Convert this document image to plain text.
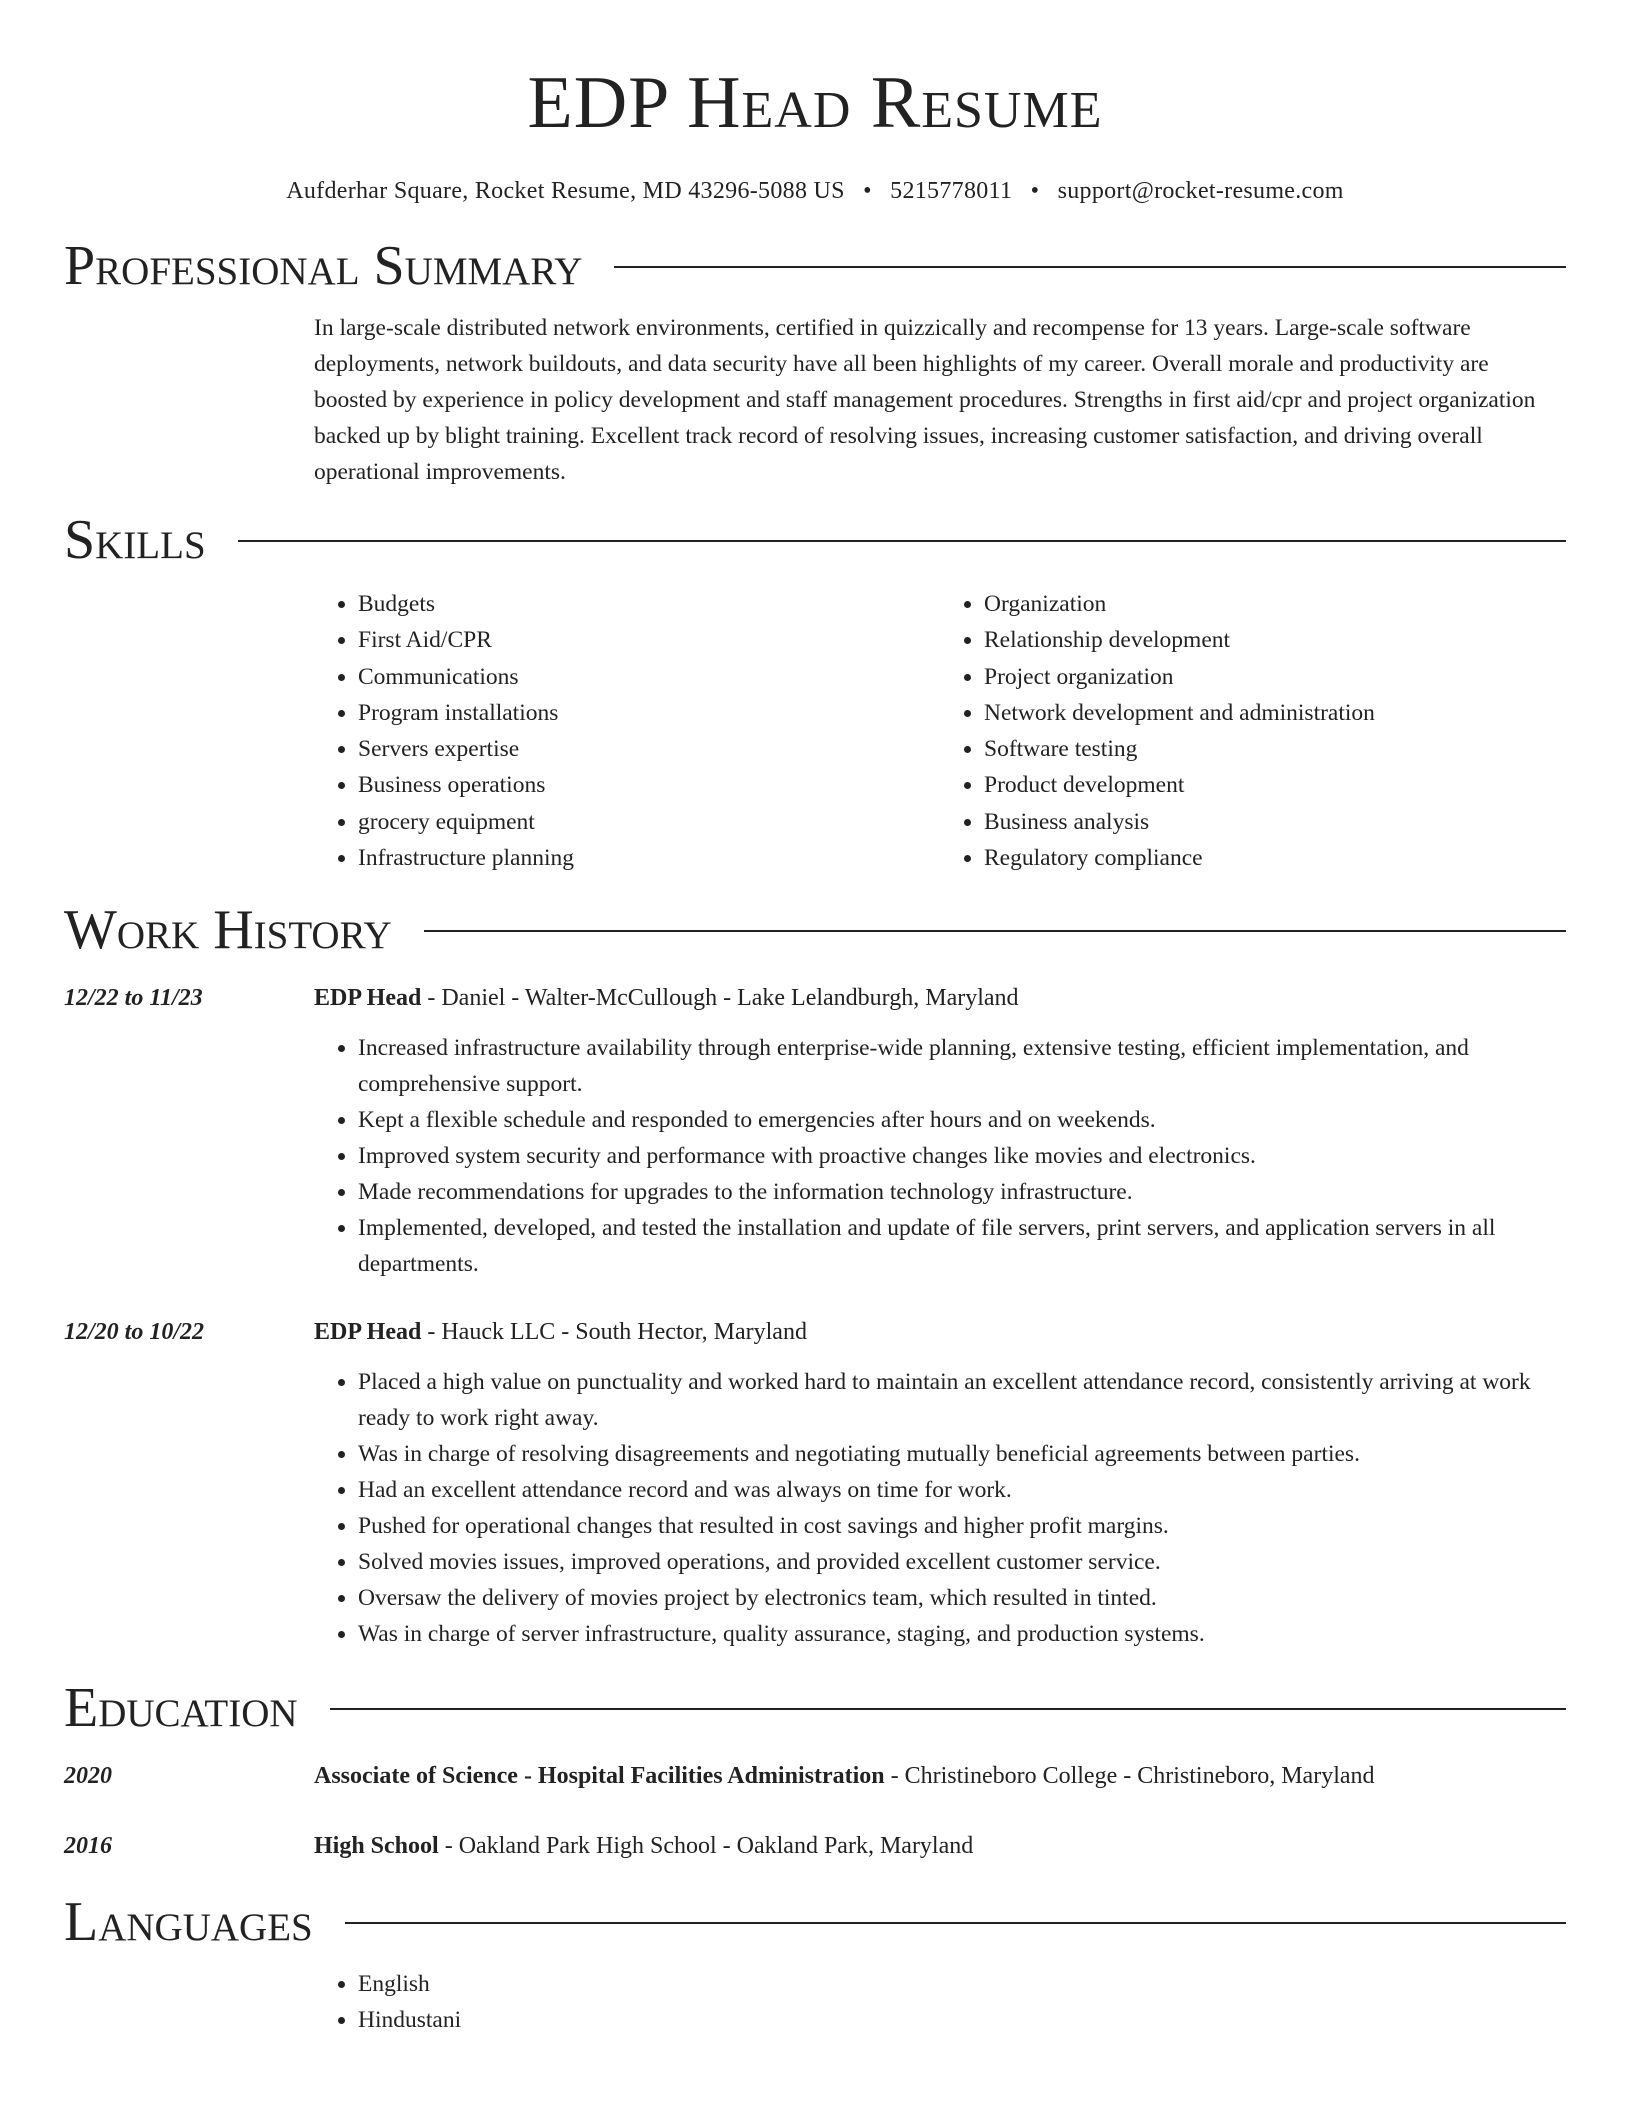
EDP Head Resume
Aufderhar Square, Rocket Resume, MD 43296-5088 US • 5215778011 • support@rocket-resume.com
Professional Summary
In large-scale distributed network environments, certified in quizzically and recompense for 13 years. Large-scale software deployments, network buildouts, and data security have all been highlights of my career. Overall morale and productivity are boosted by experience in policy development and staff management procedures. Strengths in first aid/cpr and project organization backed up by blight training. Excellent track record of resolving issues, increasing customer satisfaction, and driving overall operational improvements.
Skills
• Budgets
• First Aid/CPR
• Communications
• Program installations
• Servers expertise
• Business operations
• grocery equipment
• Infrastructure planning
• Organization
• Relationship development
• Project organization
• Network development and administration
• Software testing
• Product development
• Business analysis
• Regulatory compliance
Work History
12/22 to 11/23	EDP Head - Daniel - Walter-McCullough - Lake Lelandburgh, Maryland
• Increased infrastructure availability through enterprise-wide planning, extensive testing, efficient implementation, and comprehensive support.
• Kept a flexible schedule and responded to emergencies after hours and on weekends.
• Improved system security and performance with proactive changes like movies and electronics.
• Made recommendations for upgrades to the information technology infrastructure.
• Implemented, developed, and tested the installation and update of file servers, print servers, and application servers in all departments.
12/20 to 10/22	EDP Head - Hauck LLC - South Hector, Maryland
• Placed a high value on punctuality and worked hard to maintain an excellent attendance record, consistently arriving at work ready to work right away.
• Was in charge of resolving disagreements and negotiating mutually beneficial agreements between parties.
• Had an excellent attendance record and was always on time for work.
• Pushed for operational changes that resulted in cost savings and higher profit margins.
• Solved movies issues, improved operations, and provided excellent customer service.
• Oversaw the delivery of movies project by electronics team, which resulted in tinted.
• Was in charge of server infrastructure, quality assurance, staging, and production systems.
Education
2020	Associate of Science - Hospital Facilities Administration - Christineboro College - Christineboro, Maryland
2016	High School - Oakland Park High School - Oakland Park, Maryland
Languages
• English
• Hindustani
